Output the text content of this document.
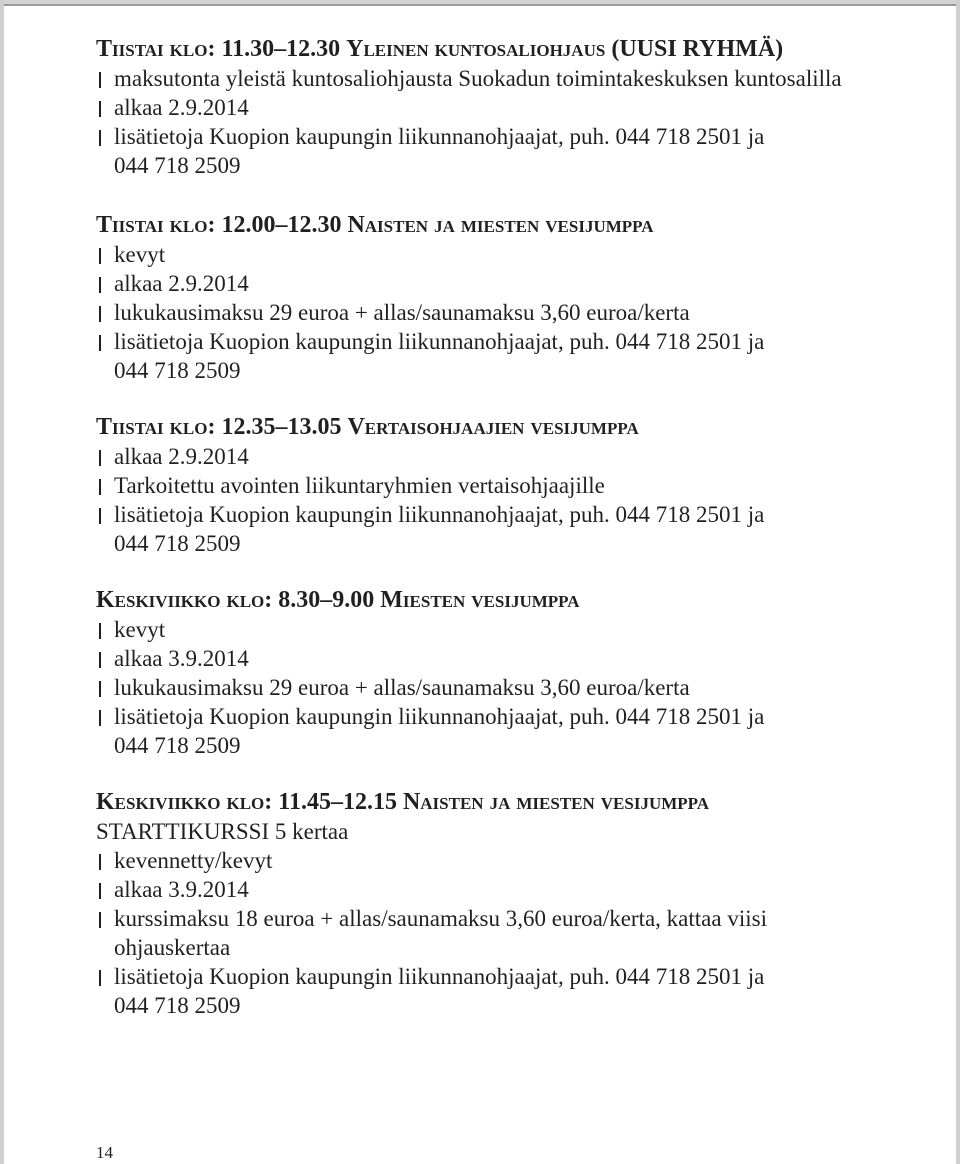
Tiistai klo: 11.30–12.30 Yleinen kuntosaliohjaus (UUSI RYHMÄ)
maksutonta yleistä kuntosaliohjausta Suokadun toimintakeskuksen kuntosalilla
alkaa 2.9.2014
lisätietoja Kuopion kaupungin liikunnanohjaajat, puh. 044 718 2501 ja
044 718 2509
Tiistai klo: 12.00–12.30 Naisten ja miesten vesijumppa
kevyt
alkaa 2.9.2014
lukukausimaksu 29 euroa + allas/saunamaksu 3,60 euroa/kerta
lisätietoja Kuopion kaupungin liikunnanohjaajat, puh. 044 718 2501 ja
044 718 2509
Tiistai klo: 12.35–13.05 Vertaisohjaajien vesijumppa
alkaa 2.9.2014
Tarkoitettu avointen liikuntaryhmien vertaisohjaajille
lisätietoja Kuopion kaupungin liikunnanohjaajat, puh. 044 718 2501 ja
044 718 2509
Keskiviikko klo: 8.30–9.00 Miesten vesijumppa
kevyt
alkaa 3.9.2014
lukukausimaksu 29 euroa + allas/saunamaksu 3,60 euroa/kerta
lisätietoja Kuopion kaupungin liikunnanohjaajat, puh. 044 718 2501 ja
044 718 2509
Keskiviikko klo: 11.45–12.15 Naisten ja miesten vesijumppa
STARTTIKURSSI 5 kertaa
kevennetty/kevyt
alkaa 3.9.2014
kurssimaksu 18 euroa + allas/saunamaksu 3,60 euroa/kerta, kattaa viisi
ohjauskertaa
lisätietoja Kuopion kaupungin liikunnanohjaajat, puh. 044 718 2501 ja
044 718 2509
14
